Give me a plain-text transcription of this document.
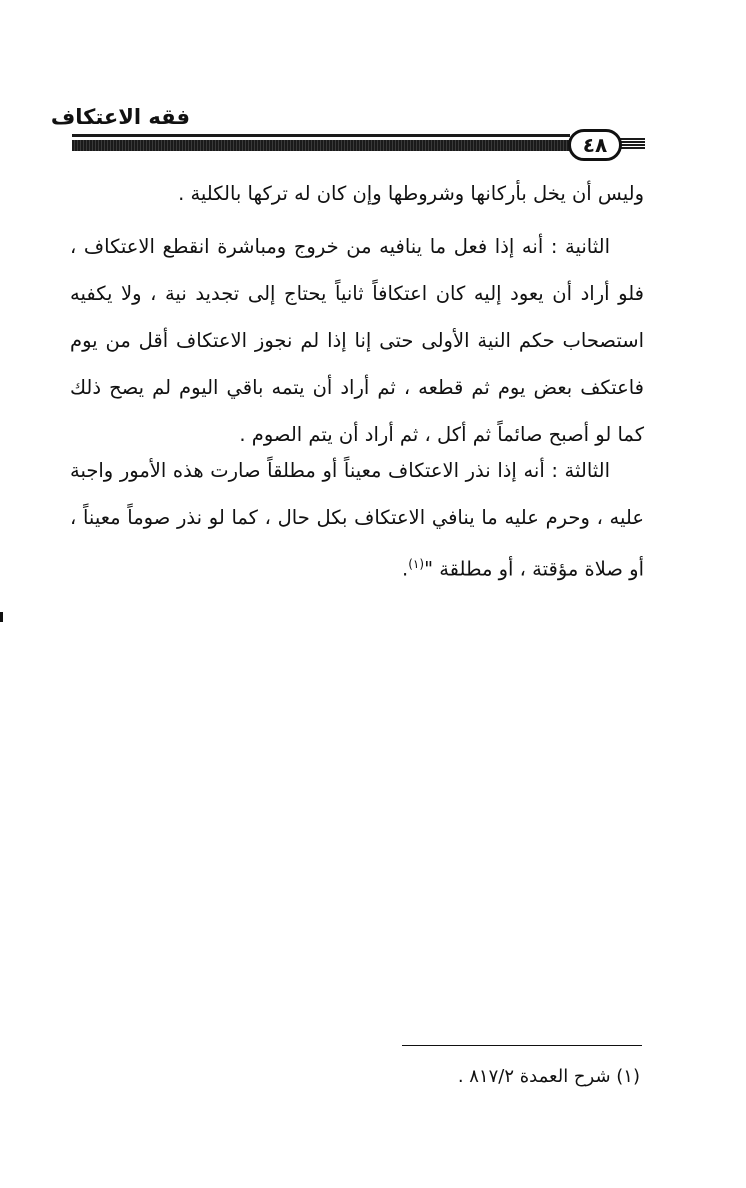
فقه الاعتكاف
٤٨

وليس أن يخل بأركانها وشروطها وإن كان له تركها بالكلية .

الثانية : أنه إذا فعل ما ينافيه من خروج ومباشرة انقطع الاعتكاف ، فلو أراد أن يعود إليه كان اعتكافاً ثانياً يحتاج إلى تجديد نية ، ولا يكفيه استصحاب حكم النية الأولى حتى إنا إذا لم نجوز الاعتكاف أقل من يوم فاعتكف بعض يوم ثم قطعه ، ثم أراد أن يتمه باقي اليوم لم يصح ذلك كما لو أصبح صائماً ثم أكل ، ثم أراد أن يتم الصوم .

الثالثة : أنه إذا نذر الاعتكاف معيناً أو مطلقاً صارت هذه الأمور واجبة عليه ، وحرم عليه ما ينافي الاعتكاف بكل حال ، كما لو نذر صوماً معيناً ، أو صلاة مؤقتة ، أو مطلقة "$^{(١)}$.

(١) شرح العمدة ٨١٧/٢ .
